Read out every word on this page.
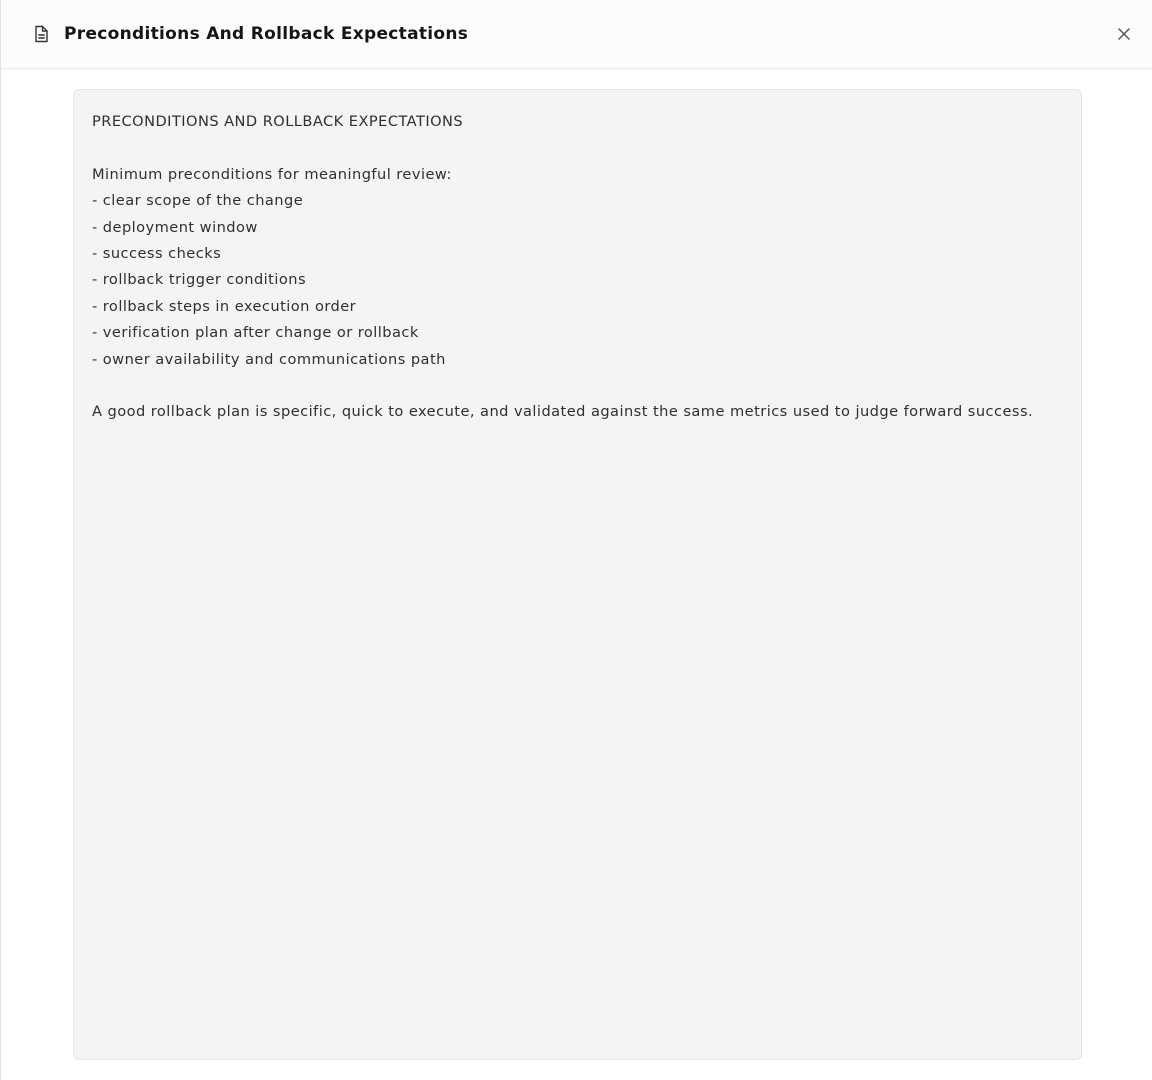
Preconditions And Rollback Expectations
PRECONDITIONS AND ROLLBACK EXPECTATIONS
Minimum preconditions for meaningful review:
- clear scope of the change
- deployment window
- success checks
- rollback trigger conditions
- rollback steps in execution order
- verification plan after change or rollback
- owner availability and communications path
A good rollback plan is specific, quick to execute, and validated against the same metrics used to judge forward success.
